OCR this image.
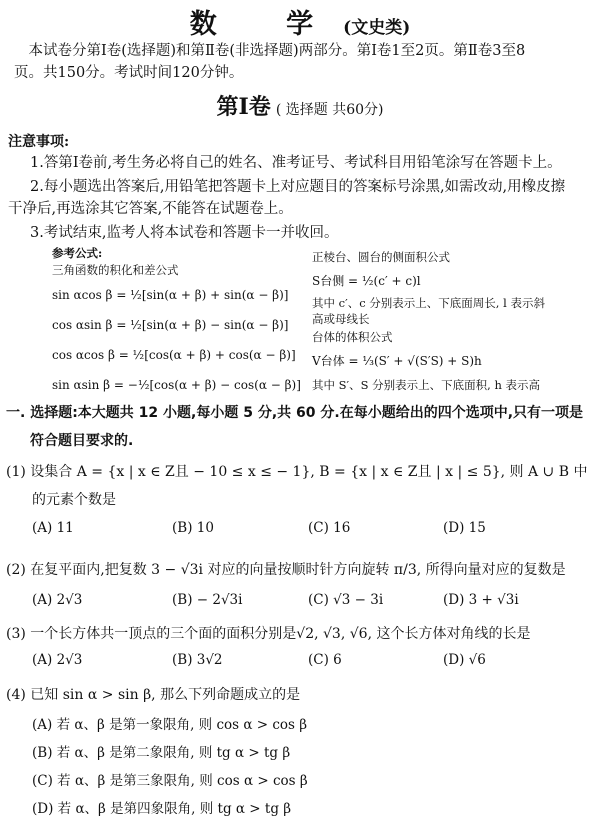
数 学(文史类)
　本试卷分第Ⅰ卷(选择题)和第Ⅱ卷(非选择题)两部分。第Ⅰ卷1至2页。第Ⅱ卷3至8
页。共150分。考试时间120分钟。
第Ⅰ卷 ( 选择题 共60分)
注意事项:
1.答第Ⅰ卷前,考生务必将自己的姓名、准考证号、考试科目用铅笔涂写在答题卡上。
2.每小题选出答案后,用铅笔把答题卡上对应题目的答案标号涂黑,如需改动,用橡皮擦
干净后,再选涂其它答案,不能答在试题卷上。
3.考试结束,监考人将本试卷和答题卡一并收回。
参考公式:
三角函数的积化和差公式
sin αcos β = ½[sin(α + β) + sin(α − β)]
cos αsin β = ½[sin(α + β) − sin(α − β)]
cos αcos β = ½[cos(α + β) + cos(α − β)]
sin αsin β = −½[cos(α + β) − cos(α − β)]
正棱台、圆台的侧面积公式
S台侧 = ½(c′ + c)l
其中 c′、c 分别表示上、下底面周长, l 表示斜
高或母线长
台体的体积公式
V台体 = ⅓(S′ + √(S′S) + S)h
其中 S′、S 分别表示上、下底面积, h 表示高
一. 选择题:本大题共 12 小题,每小题 5 分,共 60 分.在每小题给出的四个选项中,只有一项是
符合题目要求的.
(1) 设集合 A = {x | x ∈ Z且 − 10 ≤ x ≤ − 1}, B = {x | x ∈ Z且 | x | ≤ 5}, 则 A ∪ B 中
的元素个数是
(A) 11	(B) 10	(C) 16	(D) 15
(2) 在复平面内,把复数 3 − √3i 对应的向量按顺时针方向旋转 π/3, 所得向量对应的复数是
(A) 2√3	(B) − 2√3i	(C) √3 − 3i	(D) 3 + √3i
(3) 一个长方体共一顶点的三个面的面积分别是√2, √3, √6, 这个长方体对角线的长是
(A) 2√3	(B) 3√2	(C) 6	(D) √6
(4) 已知 sin α > sin β, 那么下列命题成立的是
(A) 若 α、β 是第一象限角, 则 cos α > cos β
(B) 若 α、β 是第二象限角, 则 tg α > tg β
(C) 若 α、β 是第三象限角, 则 cos α > cos β
(D) 若 α、β 是第四象限角, 则 tg α > tg β
